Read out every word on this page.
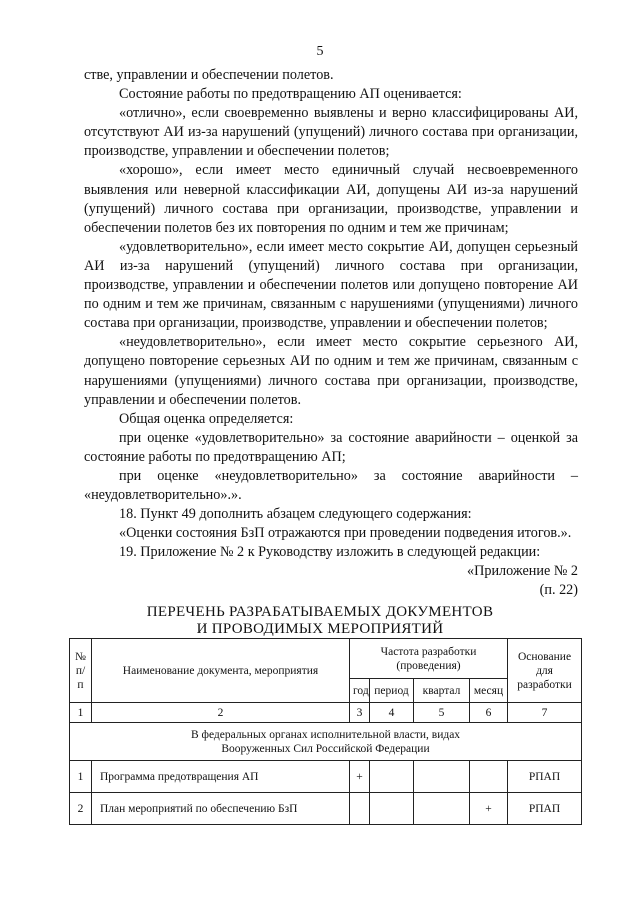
5

стве, управлении и обеспечении полетов.

Состояние работы по предотвращению АП оценивается:

«отлично», если своевременно выявлены и верно классифицированы АИ, отсутствуют АИ из-за нарушений (упущений) личного состава при организации, производстве, управлении и обеспечении полетов;

«хорошо», если имеет место единичный случай несвоевременного выявления или неверной классификации АИ, допущены АИ из-за нарушений (упущений) личного состава при организации, производстве, управлении и обеспечении полетов без их повторения по одним и тем же причинам;

«удовлетворительно», если имеет место сокрытие АИ, допущен серьезный АИ из-за нарушений (упущений) личного состава при организации, производстве, управлении и обеспечении полетов или допущено повторение АИ по одним и тем же причинам, связанным с нарушениями (упущениями) личного состава при организации, производстве, управлении и обеспечении полетов;

«неудовлетворительно», если имеет место сокрытие серьезного АИ, допущено повторение серьезных АИ по одним и тем же причинам, связанным с нарушениями (упущениями) личного состава при организации, производстве, управлении и обеспечении полетов.

Общая оценка определяется:

при оценке «удовлетворительно» за состояние аварийности – оценкой за состояние работы по предотвращению АП;

при оценке «неудовлетворительно» за состояние аварийности – «неудовлетворительно».».

18. Пункт 49 дополнить абзацем следующего содержания:

«Оценки состояния БзП отражаются при проведении подведения итогов.».

19. Приложение № 2 к Руководству изложить в следующей редакции:

«Приложение № 2
(п. 22)
ПЕРЕЧЕНЬ РАЗРАБАТЫВАЕМЫХ ДОКУМЕНТОВ
И ПРОВОДИМЫХ МЕРОПРИЯТИЙ
№ п/п	Наименование документа, мероприятия	Частота разработки (проведения)				Основание для разработки
		год	период	квартал	месяц	
1	2	3	4	5	6	7
В федеральных органах исполнительной власти, видах Вооруженных Сил Российской Федерации						
1	Программа предотвращения АП	+				РПАП
2	План мероприятий по обеспечению БзП				+	РПАП
